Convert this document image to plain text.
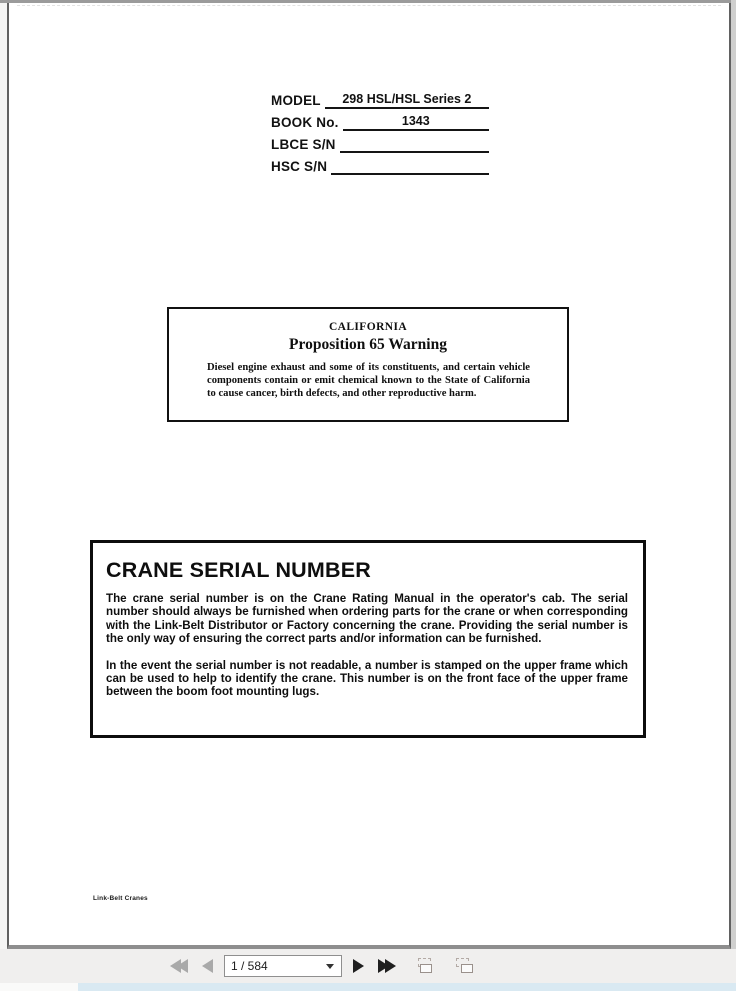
MODEL	298 HSL/HSL Series 2
BOOK No.	1343
LBCE S/N
HSC S/N
CALIFORNIA
Proposition 65 Warning
Diesel engine exhaust and some of its constituents, and certain vehicle components contain or emit chemical known to the State of California to cause cancer, birth defects, and other reproductive harm.
CRANE SERIAL NUMBER
The crane serial number is on the Crane Rating Manual in the operator's cab. The serial number should always be furnished when ordering parts for the crane or when corresponding with the Link-Belt Distributor or Factory concerning the crane. Providing the serial number is the only way of ensuring the correct parts and/or information can be furnished.
In the event the serial number is not readable, a number is stamped on the upper frame which can be used to help to identify the crane. This number is on the front face of the upper frame between the boom foot mounting lugs.
Link-Belt Cranes
1 / 584
